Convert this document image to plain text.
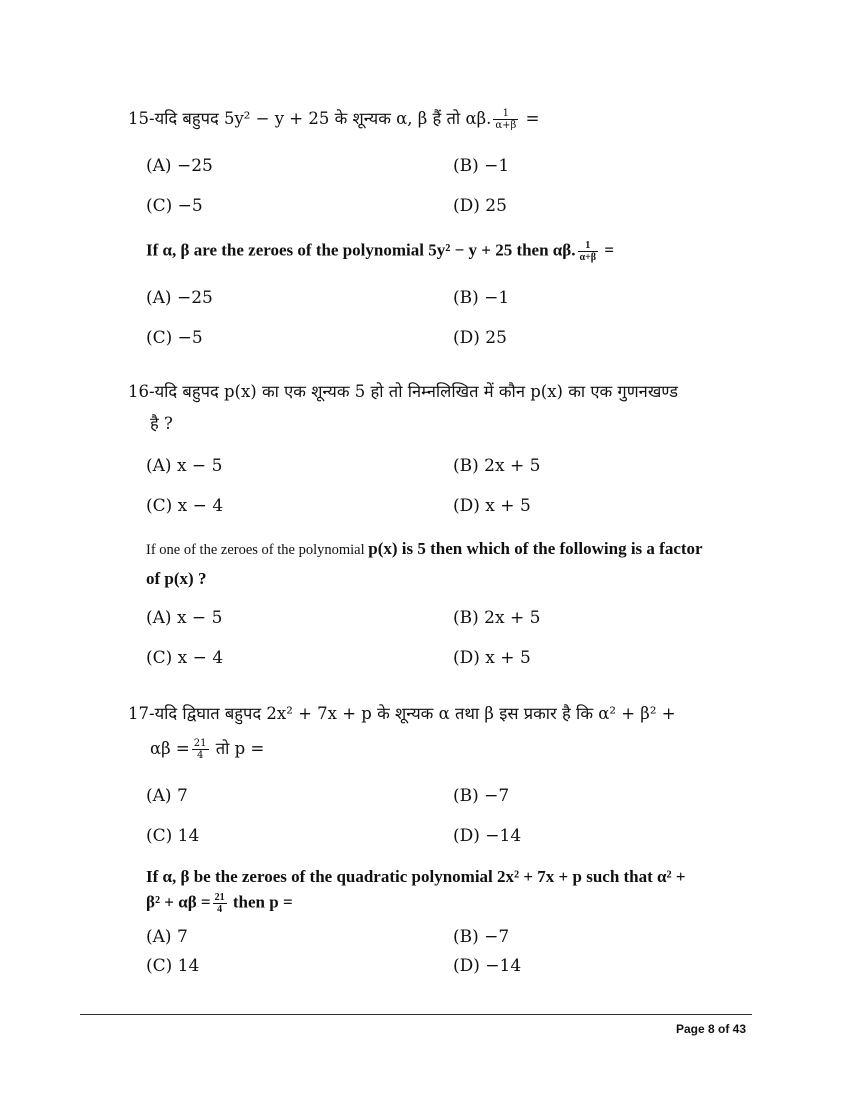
15-यदि बहुपद 5y² − y + 25 के शून्यक α, β हैं तो αβ. $\frac{1}{\alpha+\beta}$ =
(A) −25	(B) −1
(C) −5	(D) 25
If α, β are the zeroes of the polynomial 5y² − y + 25 then αβ. $\frac{1}{\alpha+\beta}$ =
(A) −25	(B) −1
(C) −5	(D) 25
16-यदि बहुपद p(x) का एक शून्यक 5 हो तो निम्नलिखित में कौन p(x) का एक गुणनखण्ड
है ?
(A) x − 5	(B) 2x + 5
(C) x − 4	(D) x + 5
If one of the zeroes of the polynomial p(x) is 5 then which of the following is a factor
of p(x) ?
(A) x − 5	(B) 2x + 5
(C) x − 4	(D) x + 5
17-यदि द्विघात बहुपद 2x² + 7x + p के शून्यक α तथा β इस प्रकार है कि α² + β² +
$\alpha\beta = \frac{21}{4}$ तो p =
(A) 7	(B) −7
(C) 14	(D) −14
If α, β be the zeroes of the quadratic polynomial 2x² + 7x + p such that α² +
$\beta^2 + \alpha\beta = \frac{21}{4}$ then p =
(A) 7	(B) −7
(C) 14	(D) −14
Page 8 of 43
